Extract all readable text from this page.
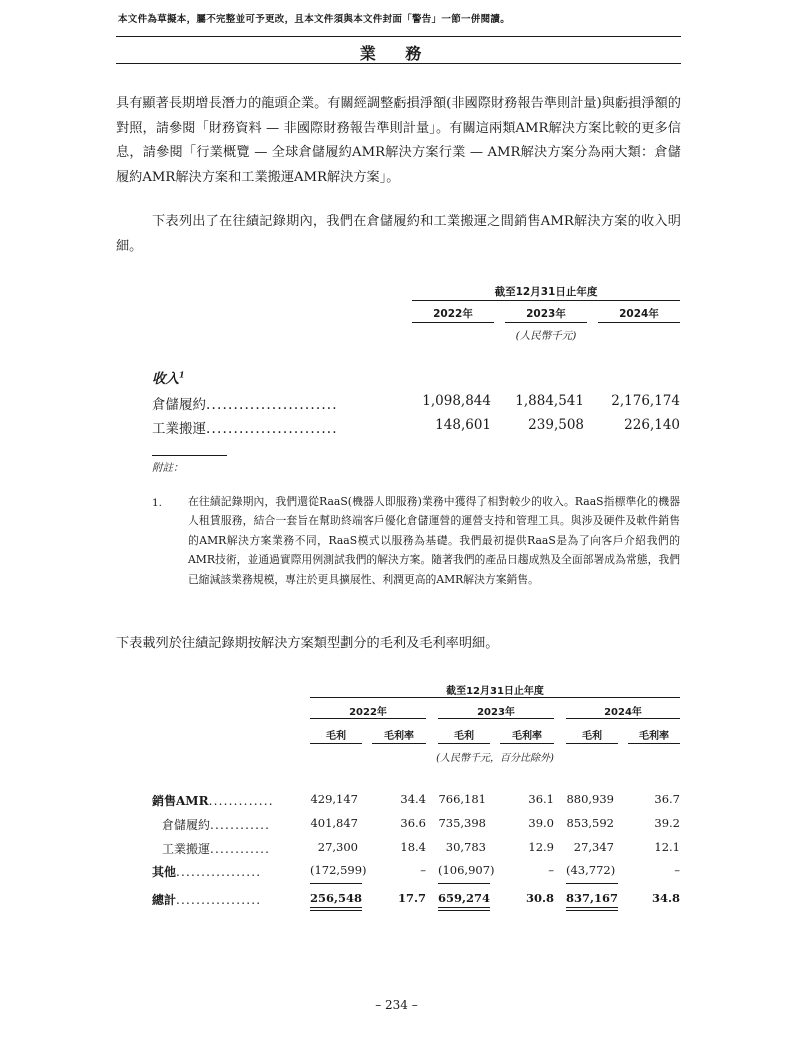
本文件為草擬本，屬不完整並可予更改，且本文件須與本文件封面「警告」一節一併閱讀。
業 務
具有顯著長期增長潛力的龍頭企業。有關經調整虧損淨額(非國際財務報告準則計量)與虧損淨額的對照，請參閱「財務資料 — 非國際財務報告準則計量」。有關這兩類AMR解決方案比較的更多信息，請參閱「行業概覽 — 全球倉儲履約AMR解決方案行業 — AMR解決方案分為兩大類：倉儲履約AMR解決方案和工業搬運AMR解決方案」。
下表列出了在往績記錄期內，我們在倉儲履約和工業搬運之間銷售AMR解決方案的收入明細。
截至12月31日止年度
2022年	2023年	2024年
(人民幣千元)
收入$^1$
倉儲履約........................	1,098,844	1,884,541	2,176,174
工業搬運........................	148,601	239,508	226,140
附註：
1. 在往績記錄期內，我們還從RaaS(機器人即服務)業務中獲得了相對較少的收入。RaaS指標準化的機器人租賃服務，結合一套旨在幫助終端客戶優化倉儲運營的運營支持和管理工具。與涉及硬件及軟件銷售的AMR解決方案業務不同，RaaS模式以服務為基礎。我們最初提供RaaS是為了向客戶介紹我們的AMR技術，並通過實際用例測試我們的解決方案。隨著我們的產品日趨成熟及全面部署成為常態，我們已縮減該業務規模，專注於更具擴展性、利潤更高的AMR解決方案銷售。
下表載列於往績記錄期按解決方案類型劃分的毛利及毛利率明細。
截至12月31日止年度
2022年	2023年	2024年
毛利	毛利率	毛利	毛利率	毛利	毛利率
(人民幣千元，百分比除外)
銷售AMR.............	429,147	34.4 766,181	36.1 880,939	36.7
倉儲履約............	401,847	36.6 735,398	39.0 853,592	39.2
工業搬運............	27,300	18.4	30,783	12.9	27,347	12.1
其他.................	(172,599)	– (106,907)	– (43,772)	–
總計.................	256,548	17.7 659,274	30.8 837,167	34.8
– 234 –
